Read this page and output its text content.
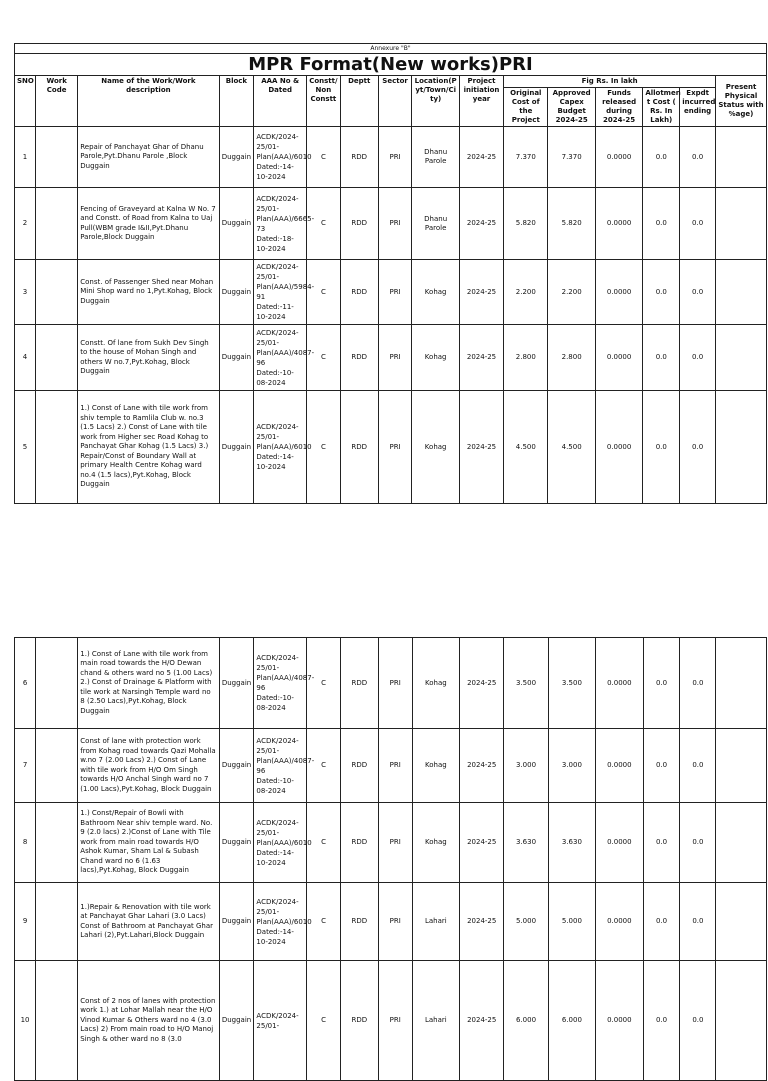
Annexure "B"															
MPR Format(New works)PRI															
SNO	Work Code	Name of the Work/Work description	Block	AAA No & Dated	Constt/ Non Constt	Deptt	Sector	Location(P yt/Town/Ci ty)	Project initiation year	Fig Rs. In lakh					Present Physical Status with %age)
										Original Cost of the Project	Approved Capex Budget 2024-25	Funds released during 2024-25	Allotmen t Cost ( Rs. In Lakh)	Expdt incurred ending	
1		Repair of Panchayat Ghar of Dhanu Parole,Pyt.Dhanu Parole ,Block Duggain	Duggain	ACDK/2024-25/01-Plan(AAA)/6010 Dated:-14-10-2024	C	RDD	PRI	Dhanu Parole	2024-25	7.370	7.370	0.0000	0.0	0.0	
2		Fencing of Graveyard at Kalna W No. 7 and Constt. of Road from Kalna to Uaj Pull(WBM grade I&II,Pyt.Dhanu Parole,Block Duggain	Duggain	ACDK/2024-25/01-Plan(AAA)/6665-73 Dated:-18-10-2024	C	RDD	PRI	Dhanu Parole	2024-25	5.820	5.820	0.0000	0.0	0.0	
3		Const. of Passenger Shed near Mohan Mini Shop ward no 1,Pyt.Kohag, Block Duggain	Duggain	ACDK/2024-25/01-Plan(AAA)/5984-91 Dated:-11-10-2024	C	RDD	PRI	Kohag	2024-25	2.200	2.200	0.0000	0.0	0.0	
4		Constt. Of lane from Sukh Dev Singh to the house of Mohan Singh and others W no.7,Pyt.Kohag, Block Duggain	Duggain	ACDK/2024-25/01-Plan(AAA)/4087-96 Dated:-10-08-2024	C	RDD	PRI	Kohag	2024-25	2.800	2.800	0.0000	0.0	0.0	
5		1.) Const of Lane with tile work from shiv temple to Ramlila Club w. no.3 (1.5 Lacs) 2.) Const of Lane with tile work from Higher sec Road Kohag to Panchayat Ghar Kohag (1.5 Lacs) 3.) Repair/Const of Boundary Wall at primary Health Centre Kohag ward no.4 (1.5 lacs),Pyt.Kohag, Block Duggain	Duggain	ACDK/2024-25/01-Plan(AAA)/6010 Dated:-14-10-2024	C	RDD	PRI	Kohag	2024-25	4.500	4.500	0.0000	0.0	0.0	
6		1.) Const of Lane with tile work from main road towards the H/O Dewan chand & others ward no 5 (1.00 Lacs) 2.) Const of Drainage & Platform with tile work at Narsingh Temple ward no 8 (2.50 Lacs),Pyt.Kohag, Block Duggain	Duggain	ACDK/2024-25/01-Plan(AAA)/4087-96 Dated:-10-08-2024	C	RDD	PRI	Kohag	2024-25	3.500	3.500	0.0000	0.0	0.0	
7		Const of lane with protection work from Kohag road towards Qazi Mohalla w.no 7 (2.00 Lacs) 2.) Const of Lane with tile work from H/O Om Singh towards H/O Anchal Singh ward no 7 (1.00 Lacs),Pyt.Kohag, Block Duggain	Duggain	ACDK/2024-25/01-Plan(AAA)/4087-96 Dated:-10-08-2024	C	RDD	PRI	Kohag	2024-25	3.000	3.000	0.0000	0.0	0.0	
8		1.) Const/Repair of Bowli with Bathroom Near shiv temple ward. No. 9 (2.0 lacs) 2.)Const of Lane with Tile work from main road towards H/O Ashok Kumar, Sham Lal & Subash Chand ward no 6 (1.63 lacs),Pyt.Kohag, Block Duggain	Duggain	ACDK/2024-25/01-Plan(AAA)/6010 Dated:-14-10-2024	C	RDD	PRI	Kohag	2024-25	3.630	3.630	0.0000	0.0	0.0	
9		1.)Repair & Renovation with tile work at Panchayat Ghar Lahari (3.0 Lacs) Const of Bathroom at Panchayat Ghar Lahari (2),Pyt.Lahari,Block Duggain	Duggain	ACDK/2024-25/01-Plan(AAA)/6010 Dated:-14-10-2024	C	RDD	PRI	Lahari	2024-25	5.000	5.000	0.0000	0.0	0.0	
10		Const of 2 nos of lanes with protection work 1.) at Lohar Mallah near the H/O Vinod Kumar & Others ward no 4 (3.0 Lacs) 2) From main road to H/O Manoj Singh & other ward no 8 (3.0	Duggain	ACDK/2024-25/01-	C	RDD	PRI	Lahari	2024-25	6.000	6.000	0.0000	0.0	0.0	
